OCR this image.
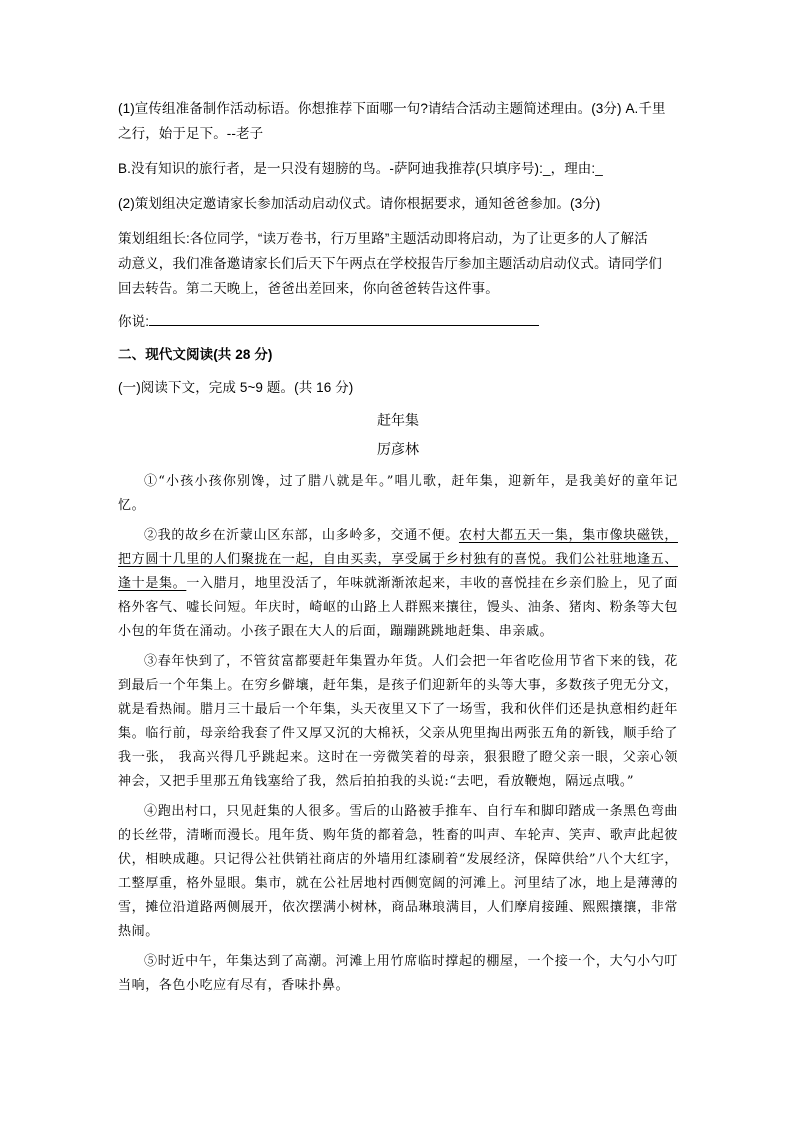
(1)宣传组准备制作活动标语。你想推荐下面哪一句?请结合活动主题简述理由。(3分) A.千里
之行，始于足下。--老子
B.没有知识的旅行者，是一只没有翅膀的鸟。-萨阿迪我推荐(只填序号):_，理由:_
(2)策划组决定邀请家长参加活动启动仪式。请你根据要求，通知爸爸参加。(3分)
策划组组长:各位同学，“读万卷书，行万里路”主题活动即将启动，为了让更多的人了解活
动意义，我们准备邀请家长们后天下午两点在学校报告厅参加主题活动启动仪式。请同学们
回去转告。第二天晚上，爸爸出差回来，你向爸爸转告这件事。
你说:
二、现代文阅读(共 28 分)
(一)阅读下文，完成 5~9 题。(共 16 分)
赶年集
厉彦林
①“小孩小孩你别馋，过了腊八就是年。”唱儿歌，赶年集，迎新年，是我美好的童年记忆。
②我的故乡在沂蒙山区东部，山多岭多，交通不便。农村大都五天一集，集市像块磁铁，把方圆十几里的人们聚拢在一起，自由买卖，享受属于乡村独有的喜悦。我们公社驻地逢五、逢十是集。一入腊月，地里没活了，年味就渐渐浓起来，丰收的喜悦挂在乡亲们脸上，见了面格外客气、嘘长问短。年庆时，崎岖的山路上人群熙来攘往，馒头、油条、猪肉、粉条等大包小包的年货在涌动。小孩子跟在大人的后面，蹦蹦跳跳地赶集、串亲戚。
③春年快到了，不管贫富都要赶年集置办年货。人们会把一年省吃俭用节省下来的钱，花到最后一个年集上。在穷乡僻壤，赶年集，是孩子们迎新年的头等大事，多数孩子兜无分文，就是看热闹。腊月三十最后一个年集，头天夜里又下了一场雪，我和伙伴们还是执意相约赶年集。临行前，母亲给我套了件又厚又沉的大棉袄，父亲从兜里掏出两张五角的新钱，顺手给了我一张， 我高兴得几乎跳起来。这时在一旁微笑着的母亲，狠狠瞪了瞪父亲一眼，父亲心领神会，又把手里那五角钱塞给了我，然后拍拍我的头说:“去吧，看放鞭炮，隔远点哦。”
④跑出村口，只见赶集的人很多。雪后的山路被手推车、自行车和脚印踏成一条黑色弯曲的长丝带，清晰而漫长。甩年货、购年货的都着急，牲畜的叫声、车轮声、笑声、歌声此起彼伏，相映成趣。只记得公社供销社商店的外墙用红漆刷着“发展经济，保障供给”八个大红字，工整厚重，格外显眼。集市，就在公社居地村西侧宽阔的河滩上。河里结了冰，地上是薄薄的雪，摊位沿道路两侧展开，依次摆满小树林，商品琳琅满目，人们摩肩接踵、熙熙攘攘，非常热闹。
⑤时近中午，年集达到了高潮。河滩上用竹席临时撑起的棚屋，一个接一个，大勺小勺叮当响，各色小吃应有尽有，香味扑鼻。
